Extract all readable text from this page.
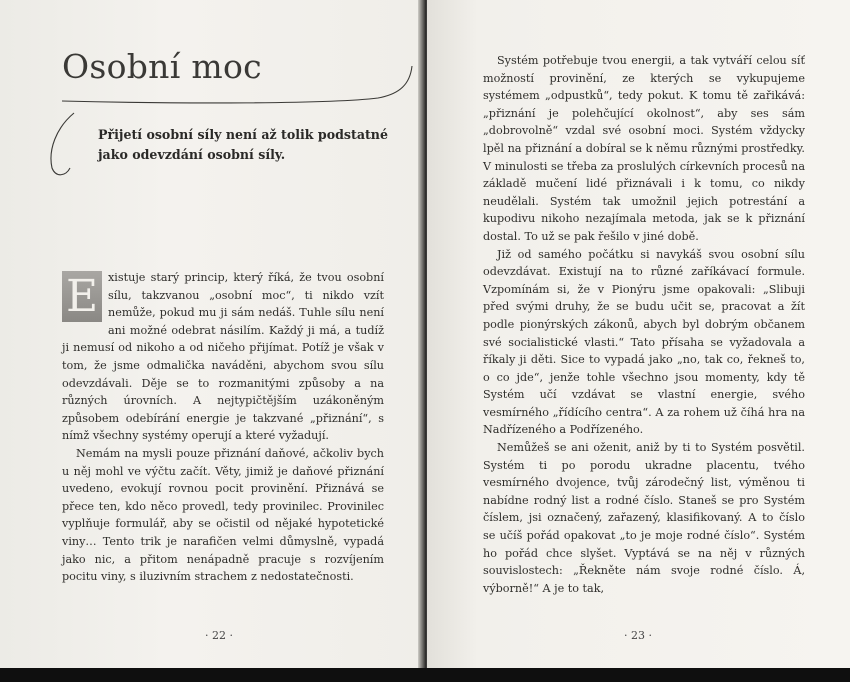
Osobní moc
Přijetí osobní síly není až tolik podstatné
jako odevzdání osobní síly.

E xistuje starý princip, který říká, že tvou osobní sílu, takzvanou „osobní moc“, ti nikdo vzít nemůže, pokud mu ji sám nedáš. Tuhle sílu není ani možné odebrat násilím. Každý ji má, a tudíž ji nemusí od nikoho a od ničeho přijímat. Potíž je však v tom, že jsme odmalička naváděni, abychom svou sílu odevzdávali. Děje se to rozmanitými způsoby a na různých úrovních. A nejtypičtějším uzákoněným způsobem odebírání energie je takzvané „přiznání“, s nímž všechny systémy operují a které vyžadují.

Nemám na mysli pouze přiznání daňové, ačkoliv bych u něj mohl ve výčtu začít. Věty, jimiž je daňové přiznání uvedeno, evokují rovnou pocit provinění. Přiznává se přece ten, kdo něco provedl, tedy provinilec. Provinilec vyplňuje formulář, aby se očistil od nějaké hypotetické viny… Tento trik je narafičen velmi důmyslně, vypadá jako nic, a přitom nenápadně pracuje s rozvíjením pocitu viny, s iluzivním strachem z nedostatečnosti.

· 22 ·

Systém potřebuje tvou energii, a tak vytváří celou síť možností provinění, ze kterých se vykupujeme systémem „odpustků“, tedy pokut. K tomu tě zařikává: „přiznání je polehčující okolnost“, aby ses sám „dobrovolně“ vzdal své osobní moci. Systém vždycky lpěl na přiznání a dobíral se k němu různými prostředky. V minulosti se třeba za proslulých církevních procesů na základě mučení lidé přiznávali i k tomu, co nikdy neudělali. Systém tak umožnil jejich potrestání a kupodivu nikoho nezajímala metoda, jak se k přiznání dostal. To už se pak řešilo v jiné době.

Již od samého počátku si navykáš svou osobní sílu odevzdávat. Existují na to různé zaříkávací formule. Vzpomínám si, že v Pionýru jsme opakovali: „Slibuji před svými druhy, že se budu učit se, pracovat a žít podle pionýrských zákonů, abych byl dobrým občanem své socialistické vlasti.“ Tato přísaha se vyžadovala a říkaly ji děti. Sice to vypadá jako „no, tak co, řekneš to, o co jde“, jenže tohle všechno jsou momenty, kdy tě Systém učí vzdávat se vlastní energie, svého vesmírného „řídícího centra“. A za rohem už číhá hra na Nadřízeného a Podřízeného.

Nemůžeš se ani oženit, aniž by ti to Systém posvětil. Systém ti po porodu ukradne placentu, tvého vesmírného dvojence, tvůj zárodečný list, výměnou ti nabídne rodný list a rodné číslo. Staneš se pro Systém číslem, jsi označený, zařazený, klasifikovaný. A to číslo se učíš pořád opakovat „to je moje rodné číslo“. Systém ho pořád chce slyšet. Vyptává se na něj v různých souvislostech: „Řekněte nám svoje rodné číslo. Á, výborně!“ A je to tak,

· 23 ·
